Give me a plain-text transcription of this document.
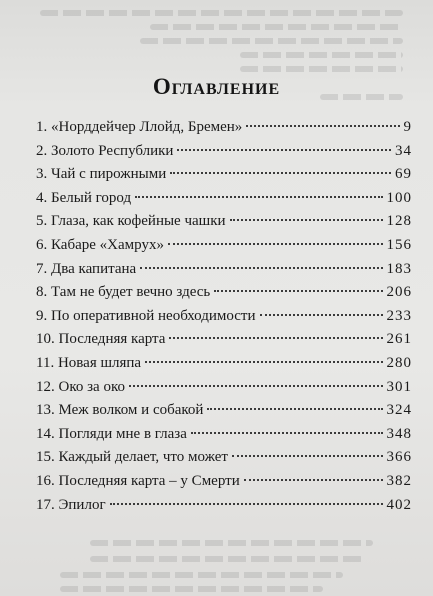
Оглавление
1. «Норддейчер Ллойд, Бремен»	9
2. Золото Республики	34
3. Чай с пирожными	69
4. Белый город	100
5. Глаза, как кофейные чашки	128
6. Кабаре «Хамрух»	156
7. Два капитана	183
8. Там не будет вечно здесь	206
9. По оперативной необходимости	233
10. Последняя карта	261
11. Новая шляпа	280
12. Око за око	301
13. Меж волком и собакой	324
14. Погляди мне в глаза	348
15. Каждый делает, что может	366
16. Последняя карта – у Смерти	382
17. Эпилог	402
